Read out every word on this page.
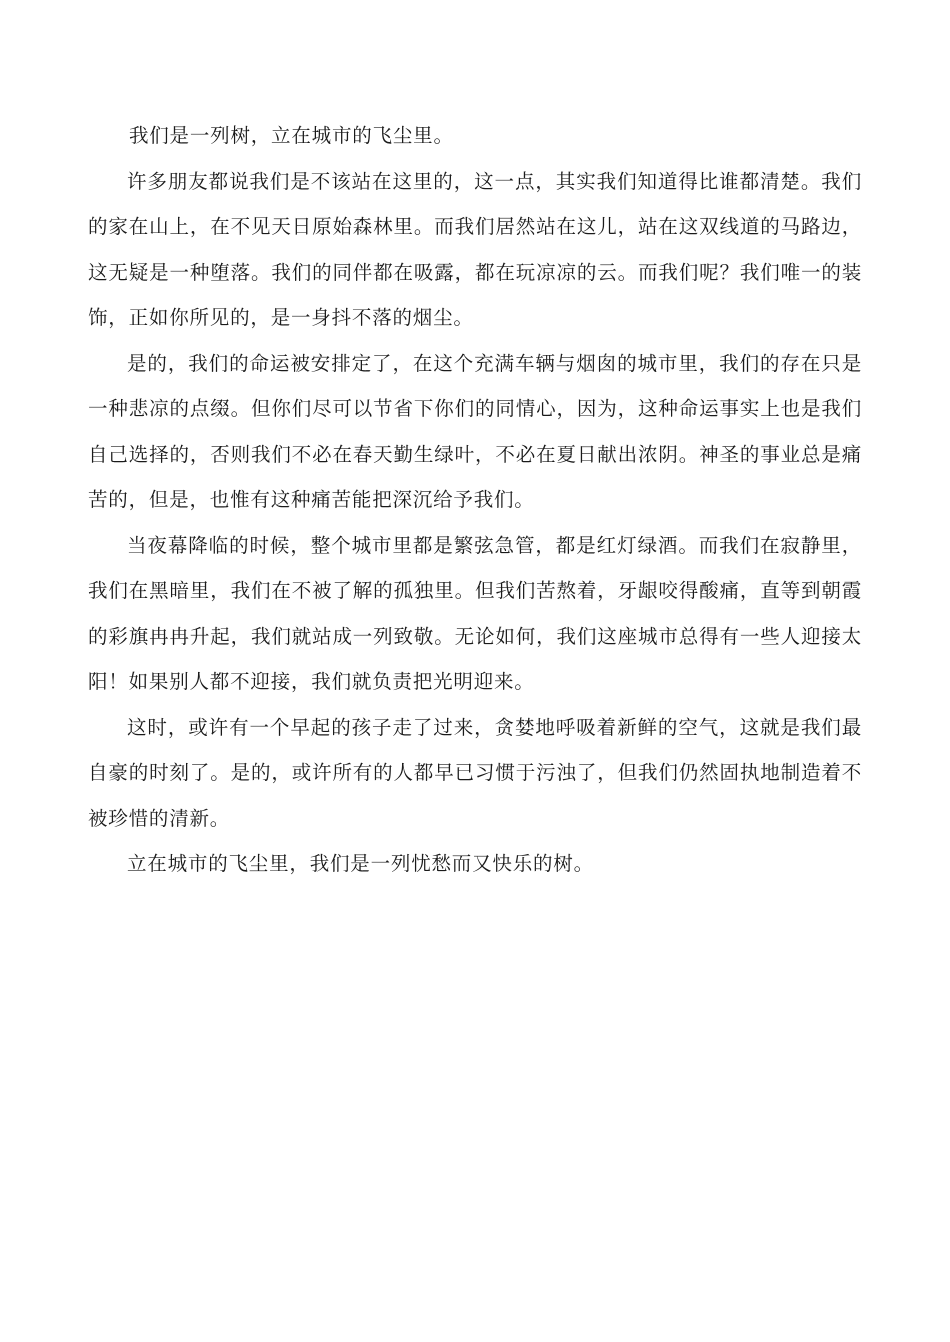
我们是一列树，立在城市的飞尘里。

许多朋友都说我们是不该站在这里的，这一点，其实我们知道得比谁都清楚。我们的家在山上，在不见天日原始森林里。而我们居然站在这儿，站在这双线道的马路边，这无疑是一种堕落。我们的同伴都在吸露，都在玩凉凉的云。而我们呢？我们唯一的装饰，正如你所见的，是一身抖不落的烟尘。

是的，我们的命运被安排定了，在这个充满车辆与烟囱的城市里，我们的存在只是一种悲凉的点缀。但你们尽可以节省下你们的同情心，因为，这种命运事实上也是我们自己选择的，否则我们不必在春天勤生绿叶，不必在夏日献出浓阴。神圣的事业总是痛苦的，但是，也惟有这种痛苦能把深沉给予我们。

当夜幕降临的时候，整个城市里都是繁弦急管，都是红灯绿酒。而我们在寂静里，我们在黑暗里，我们在不被了解的孤独里。但我们苦熬着，牙龈咬得酸痛，直等到朝霞的彩旗冉冉升起，我们就站成一列致敬。无论如何，我们这座城市总得有一些人迎接太阳！如果别人都不迎接，我们就负责把光明迎来。

这时，或许有一个早起的孩子走了过来，贪婪地呼吸着新鲜的空气，这就是我们最自豪的时刻了。是的，或许所有的人都早已习惯于污浊了，但我们仍然固执地制造着不被珍惜的清新。

立在城市的飞尘里，我们是一列忧愁而又快乐的树。
